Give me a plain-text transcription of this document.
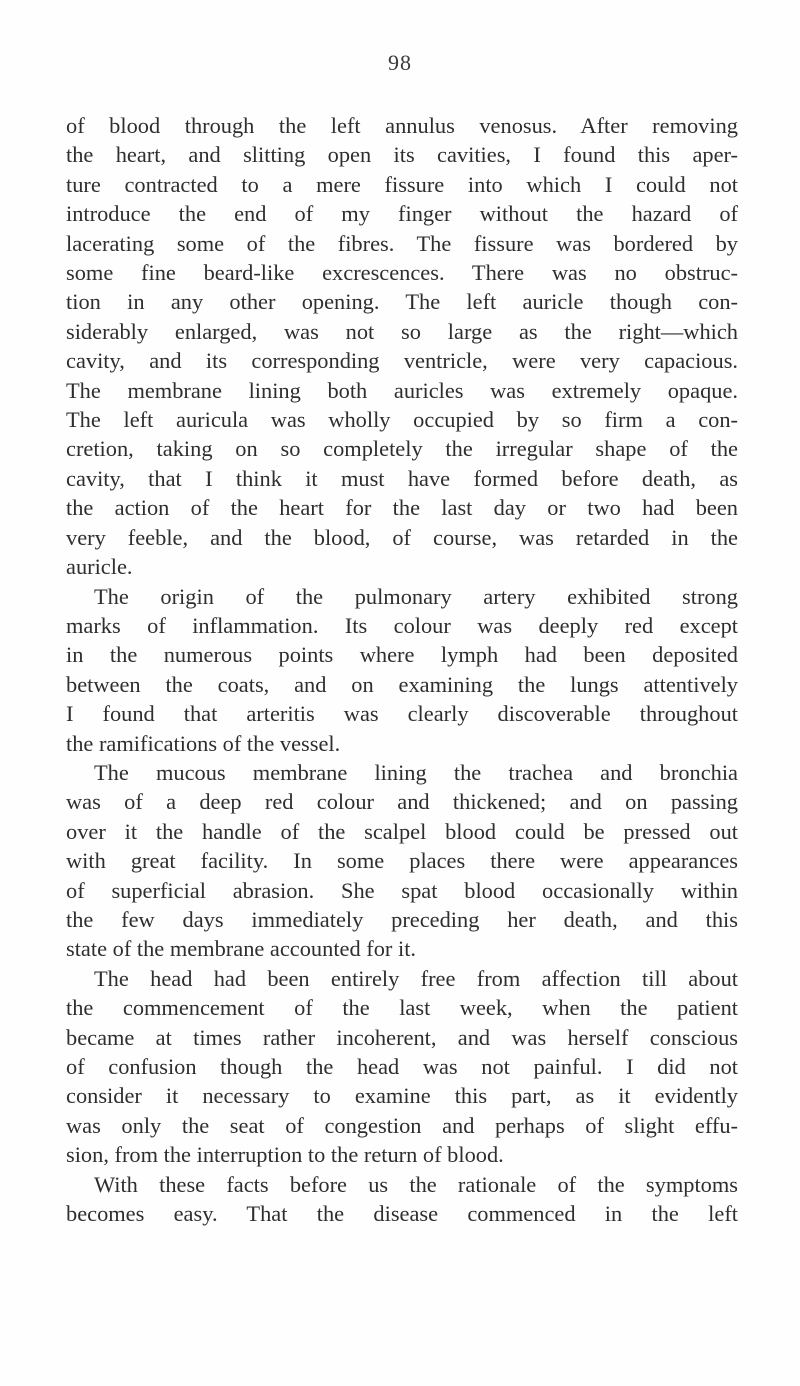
98
of blood through the left annulus venosus. After removing
the heart, and slitting open its cavities, I found this aper-
ture contracted to a mere fissure into which I could not
introduce the end of my finger without the hazard of
lacerating some of the fibres. The fissure was bordered by
some fine beard-like excrescences. There was no obstruc-
tion in any other opening. The left auricle though con-
siderably enlarged, was not so large as the right—which
cavity, and its corresponding ventricle, were very capacious.
The membrane lining both auricles was extremely opaque.
The left auricula was wholly occupied by so firm a con-
cretion, taking on so completely the irregular shape of the
cavity, that I think it must have formed before death, as
the action of the heart for the last day or two had been
very feeble, and the blood, of course, was retarded in the
auricle.
The origin of the pulmonary artery exhibited strong
marks of inflammation. Its colour was deeply red except
in the numerous points where lymph had been deposited
between the coats, and on examining the lungs attentively
I found that arteritis was clearly discoverable throughout
the ramifications of the vessel.
The mucous membrane lining the trachea and bronchia
was of a deep red colour and thickened; and on passing
over it the handle of the scalpel blood could be pressed out
with great facility. In some places there were appearances
of superficial abrasion. She spat blood occasionally within
the few days immediately preceding her death, and this
state of the membrane accounted for it.
The head had been entirely free from affection till about
the commencement of the last week, when the patient
became at times rather incoherent, and was herself conscious
of confusion though the head was not painful. I did not
consider it necessary to examine this part, as it evidently
was only the seat of congestion and perhaps of slight effu-
sion, from the interruption to the return of blood.
With these facts before us the rationale of the symptoms
becomes easy. That the disease commenced in the left
